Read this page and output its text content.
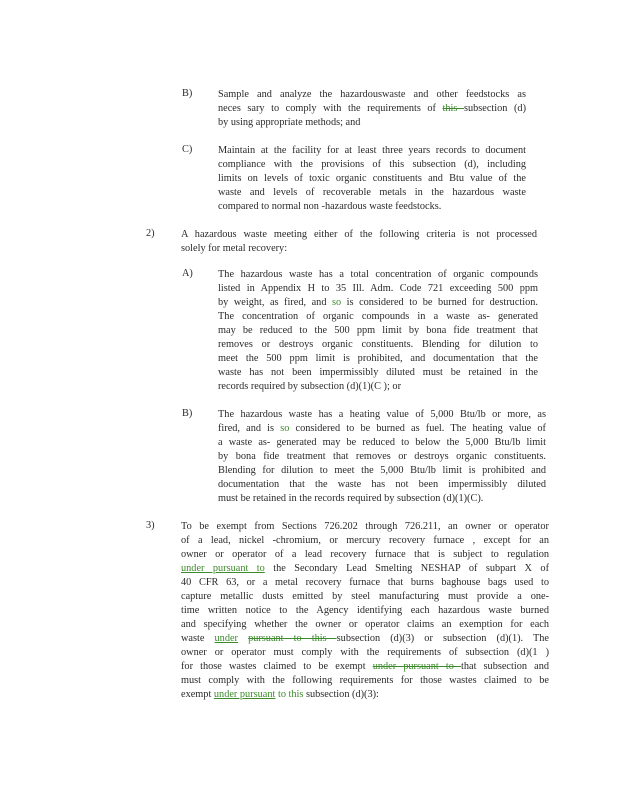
B) Sample and analyze the hazardouswaste and other feedstocks as
neces sary to comply with the requirements of this subsection (d)
by using appropriate methods; and
C) Maintain at the facility for at least three years records to document
compliance with the provisions of this subsection (d), including
limits on levels of toxic organic constituents and Btu value of the
waste and levels of recoverable metals in the hazardous waste
compared to normal non -hazardous waste feedstocks.
2)	A hazardous waste meeting either of the following criteria is not processed
solely for metal recovery:
A) The hazardous waste has a total concentration of organic compounds
listed in Appendix H to 35 Ill. Adm. Code 721 exceeding 500 ppm
by weight, as fired, and so is considered to be burned for destruction.
The concentration of organic compounds in a waste as- generated
may be reduced to the 500 ppm limit by bona fide treatment that
removes or destroys organic constituents. Blending for dilution to
meet the 500 ppm limit is prohibited, and documentation that the
waste has not been impermissibly diluted must be retained in the
records required by subsection (d)(1)(C ); or
B) The hazardous waste has a heating value of 5,000 Btu/lb or more, as
fired, and is so considered to be burned as fuel. The heating value of
a waste as- generated may be reduced to below the 5,000 Btu/lb limit
by bona fide treatment that removes or destroys organic constituents.
Blending for dilution to meet the 5,000 Btu/lb limit is prohibited and
documentation that the waste has not been impermissibly diluted
must be retained in the records required by subsection (d)(1)(C).
3)	To be exempt from Sections 726.202 through 726.211, an owner or operator
of a lead, nickel -chromium, or mercury recovery furnace , except for an
owner or operator of a lead recovery furnace that is subject to regulation
under pursuant to the Secondary Lead Smelting NESHAP of subpart X of
40 CFR 63, or a metal recovery furnace that burns baghouse bags used to
capture metallic dusts emitted by steel manufacturing must provide a one-
time written notice to the Agency identifying each hazardous waste burned
and specifying whether the owner or operator claims an exemption for each
waste under pursuant to this subsection (d)(3) or subsection (d)(1). The
owner or operator must comply with the requirements of subsection (d)(1 )
for those wastes claimed to be exempt under pursuant to that subsection and
must comply with the following requirements for those wastes claimed to be
exempt under pursuant to this subsection (d)(3):
